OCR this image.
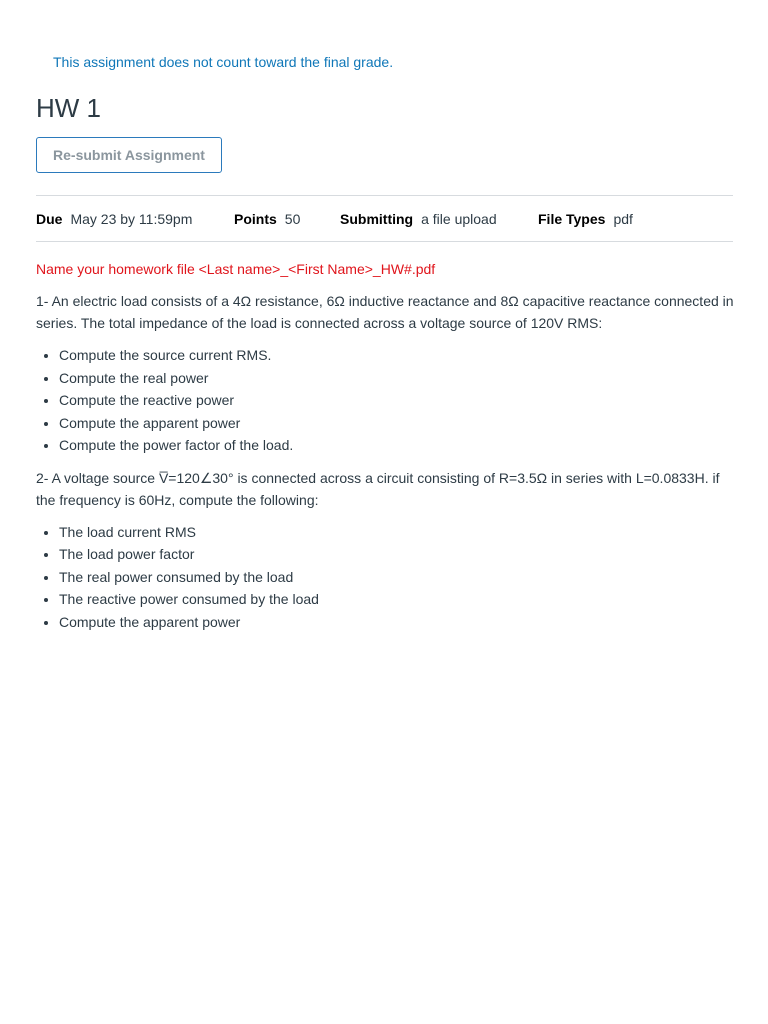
This assignment does not count toward the final grade.
HW 1
Re-submit Assignment
Due May 23 by 11:59pm	Points 50	Submitting a file upload	File Types pdf

Name your homework file <Last name>_<First Name>_HW#.pdf

1- An electric load consists of a 4Ω resistance, 6Ω inductive reactance and 8Ω capacitive reactance connected in series. The total impedance of the load is connected across a voltage source of 120V RMS:

• Compute the source current RMS.
• Compute the real power
• Compute the reactive power
• Compute the apparent power
• Compute the power factor of the load.

2- A voltage source V̅=120∠30° is connected across a circuit consisting of R=3.5Ω in series with L=0.0833H. if the frequency is 60Hz, compute the following:

• The load current RMS
• The load power factor
• The real power consumed by the load
• The reactive power consumed by the load
• Compute the apparent power
